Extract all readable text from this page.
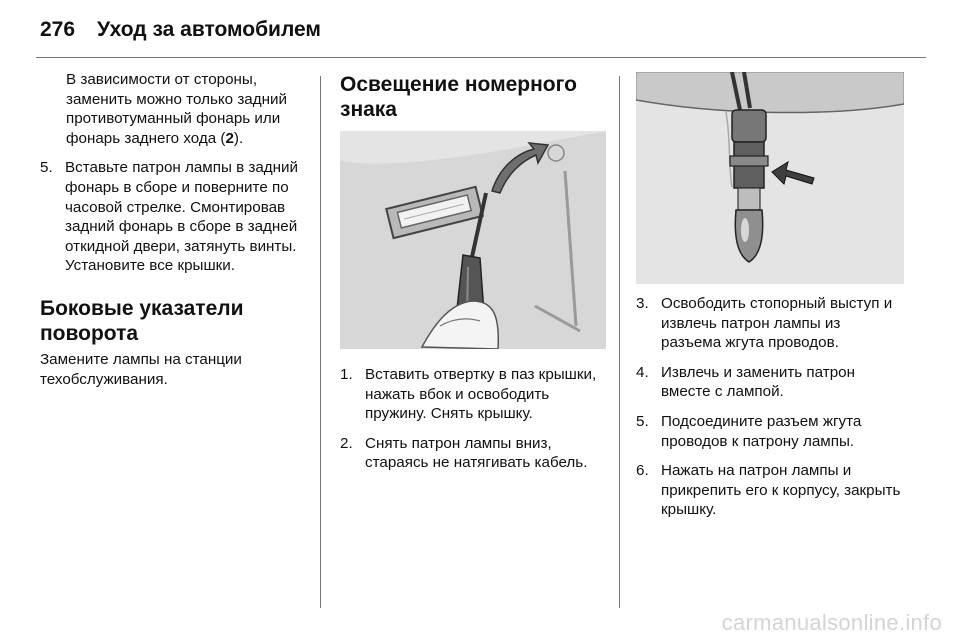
276 Уход за автомобилем

В зависимости от стороны, заменить можно только задний противотуманный фонарь или фонарь заднего хода (2).

5. Вставьте патрон лампы в задний фонарь в сборе и поверните по часовой стрелке. Смонтировав задний фонарь в сборе в задней откидной двери, затянуть винты. Установите все крышки.
Боковые указатели поворота

Замените лампы на станции техобслуживания.

Освещение номерного знака
1. Вставить отвертку в паз крышки, нажать вбок и освободить пружину. Снять крышку.
2. Снять патрон лампы вниз, стараясь не натягивать кабель.
3. Освободить стопорный выступ и извлечь патрон лампы из разъема жгута проводов.
4. Извлечь и заменить патрон вместе с лампой.
5. Подсоедините разъем жгута проводов к патрону лампы.
6. Нажать на патрон лампы и прикрепить его к корпусу, закрыть крышку.
carmanualsonline.info
